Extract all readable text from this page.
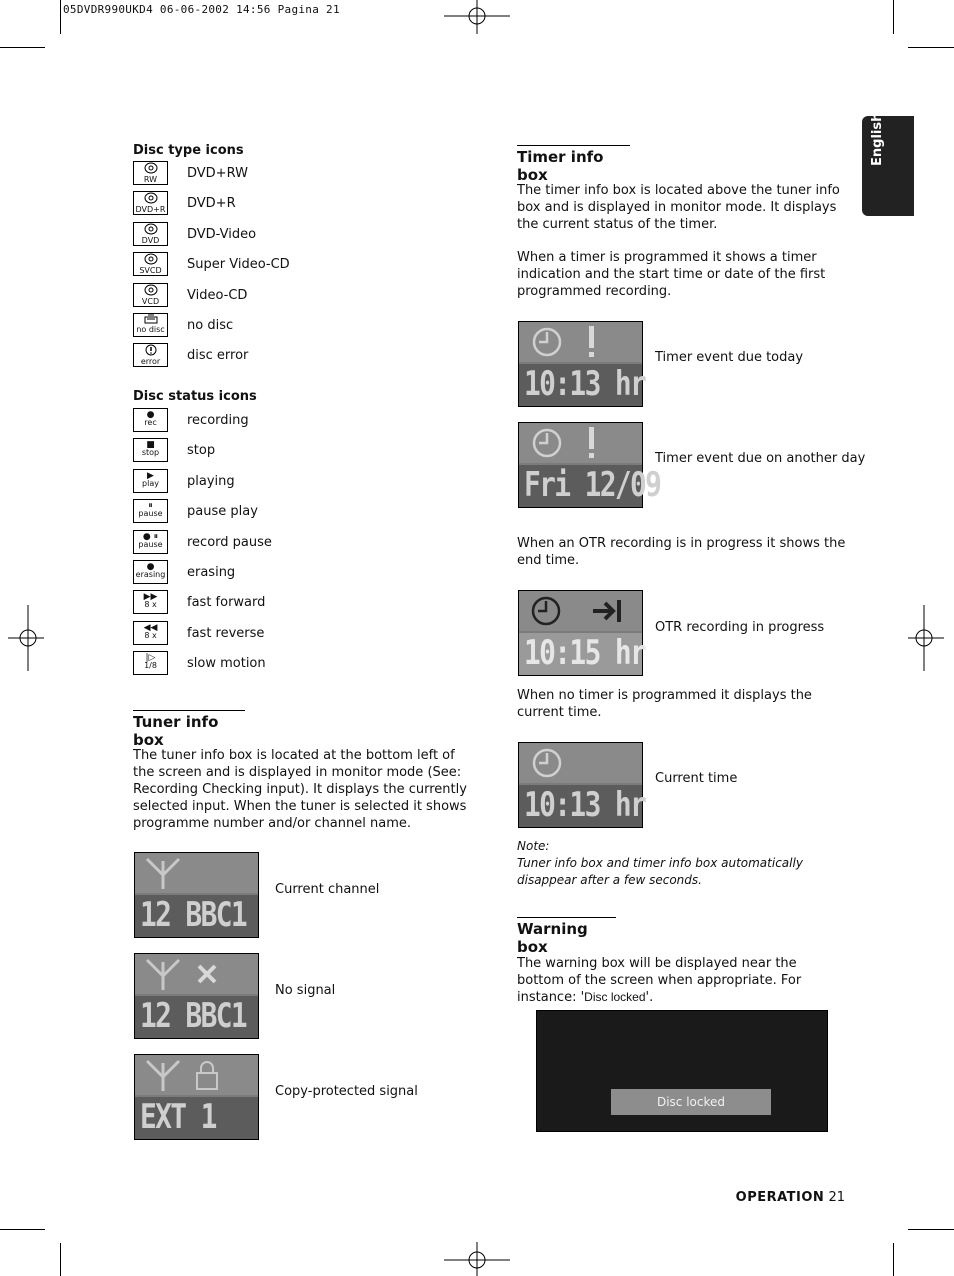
05DVDR990UKD4 06-06-2002 14:56 Pagina 21
English
Disc type icons
RW	DVD+RW
DVD+R DVD+R
DVD	DVD-Video
SVCD	Super Video-CD
VCD	Video-CD
no disc no disc
error	disc error
Disc status icons
●
rec	recording
■
stop	stop
▶
play	playing
⏸
pause	pause play
● ⏸
pause	record pause
●
erasing erasing
▶▶
8 x	fast forward
◀◀
8 x	fast reverse
|▷
1/8	slow motion
Tuner info box
The tuner info box is located at the bottom left of the screen and is displayed in monitor mode (See: Recording Checking input). It displays the currently selected input. When the tuner is selected it shows programme number and/or channel name.
12 BBC1
Current channel
12 BBC1
No signal
EXT 1
Copy-protected signal
Timer info box
The timer info box is located above the tuner info box and is displayed in monitor mode. It displays the current status of the timer.
When a timer is programmed it shows a timer indication and the start time or date of the first programmed recording.
10:13 hr
Timer event due today
Fri 12/09
Timer event due on another day
When an OTR recording is in progress it shows the end time.
10:15 hr
OTR recording in progress
When no timer is programmed it displays the current time.
10:13 hr
Current time
Note:
Tuner info box and timer info box automatically disappear after a few seconds.
Warning box
The warning box will be displayed near the bottom of the screen when appropriate. For instance: 'Disc locked'.
Disc locked
OPERATION 21
